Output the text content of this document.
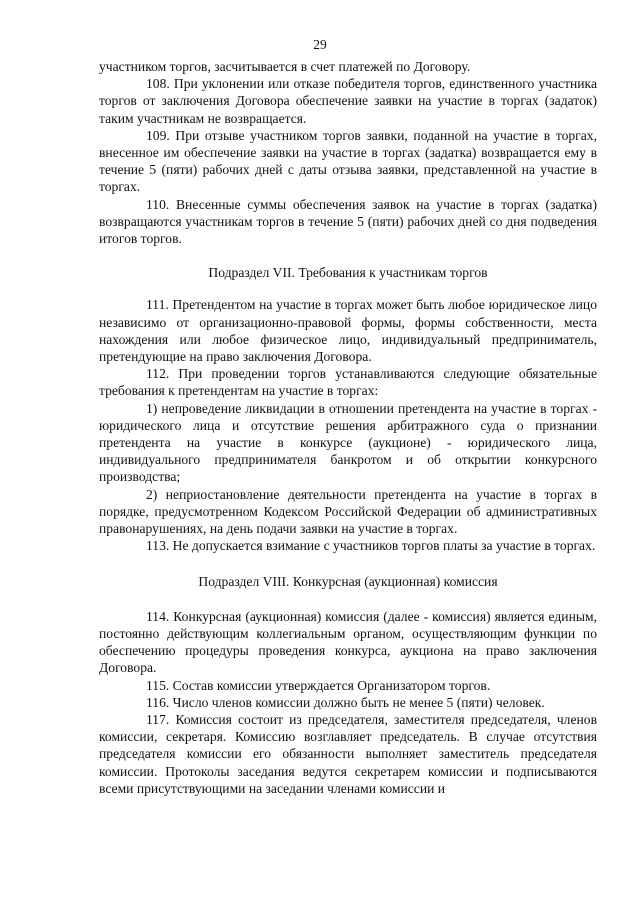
29

участником торгов, засчитывается в счет платежей по Договору.

108. При уклонении или отказе победителя торгов, единственного участника торгов от заключения Договора обеспечение заявки на участие в торгах (задаток) таким участникам не возвращается.

109. При отзыве участником торгов заявки, поданной на участие в торгах, внесенное им обеспечение заявки на участие в торгах (задатка) возвращается ему в течение 5 (пяти) рабочих дней с даты отзыва заявки, представленной на участие в торгах.

110. Внесенные суммы обеспечения заявок на участие в торгах (задатка) возвращаются участникам торгов в течение 5 (пяти) рабочих дней со дня подведения итогов торгов.

Подраздел VII. Требования к участникам торгов

111. Претендентом на участие в торгах может быть любое юридическое лицо независимо от организационно-правовой формы, формы собственности, места нахождения или любое физическое лицо, индивидуальный предприниматель, претендующие на право заключения Договора.

112. При проведении торгов устанавливаются следующие обязательные требования к претендентам на участие в торгах:

1) непроведение ликвидации в отношении претендента на участие в торгах - юридического лица и отсутствие решения арбитражного суда о признании претендента на участие в конкурсе (аукционе) - юридического лица, индивидуального предпринимателя банкротом и об открытии конкурсного производства;

2) неприостановление деятельности претендента на участие в торгах в порядке, предусмотренном Кодексом Российской Федерации об административных правонарушениях, на день подачи заявки на участие в торгах.

113. Не допускается взимание с участников торгов платы за участие в торгах.

Подраздел VIII. Конкурсная (аукционная) комиссия

114. Конкурсная (аукционная) комиссия (далее - комиссия) является единым, постоянно действующим коллегиальным органом, осуществляющим функции по обеспечению процедуры проведения конкурса, аукциона на право заключения Договора.

115. Состав комиссии утверждается Организатором торгов.

116. Число членов комиссии должно быть не менее 5 (пяти) человек.

117. Комиссия состоит из председателя, заместителя председателя, членов комиссии, секретаря. Комиссию возглавляет председатель. В случае отсутствия председателя комиссии его обязанности выполняет заместитель председателя комиссии. Протоколы заседания ведутся секретарем комиссии и подписываются всеми присутствующими на заседании членами комиссии и
